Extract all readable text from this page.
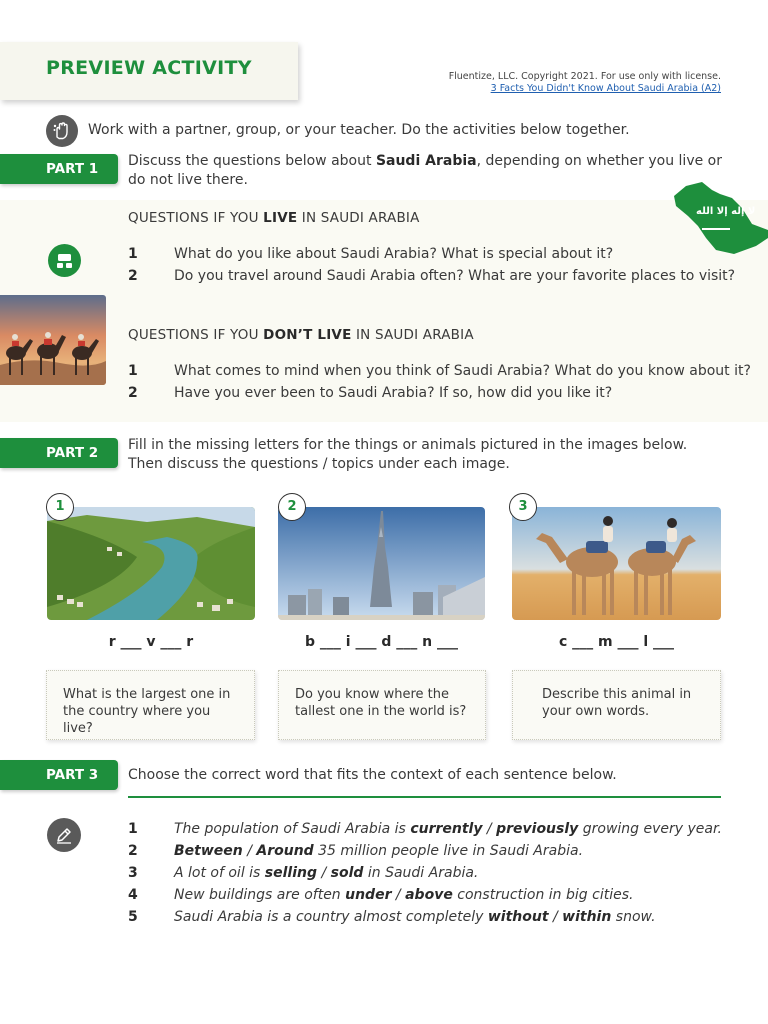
PREVIEW ACTIVITY	Fluentize, LLC. Copyright 2021. For use only with license.
3 Facts You Didn't Know About Saudi Arabia (A2)
Work with a partner, group, or your teacher. Do the activities below together.
PART 1	Discuss the questions below about Saudi Arabia, depending on whether you live or do not live there.
QUESTIONS IF YOU LIVE IN SAUDI ARABIA	لا إله إلا الله
1	What do you like about Saudi Arabia? What is special about it?
2	Do you travel around Saudi Arabia often? What are your favorite places to visit?
QUESTIONS IF YOU DON’T LIVE IN SAUDI ARABIA
1	What comes to mind when you think of Saudi Arabia? What do you know about it?
2	Have you ever been to Saudi Arabia? If so, how did you like it?
PART 2	Fill in the missing letters for the things or animals pictured in the images below.
Then discuss the questions / topics under each image.
1	2	3
r ___ v ___ r	b ___ i ___ d ___ n ___	c ___ m ___ l ___
What is the largest one in the country where you live?
Do you know where the tallest one in the world is?
Describe this animal in your own words.
PART 3	Choose the correct word that fits the context of each sentence below.
1	The population of Saudi Arabia is currently / previously growing every year.
2	Between / Around 35 million people live in Saudi Arabia.
3	A lot of oil is selling / sold in Saudi Arabia.
4	New buildings are often under / above construction in big cities.
5	Saudi Arabia is a country almost completely without / within snow.
